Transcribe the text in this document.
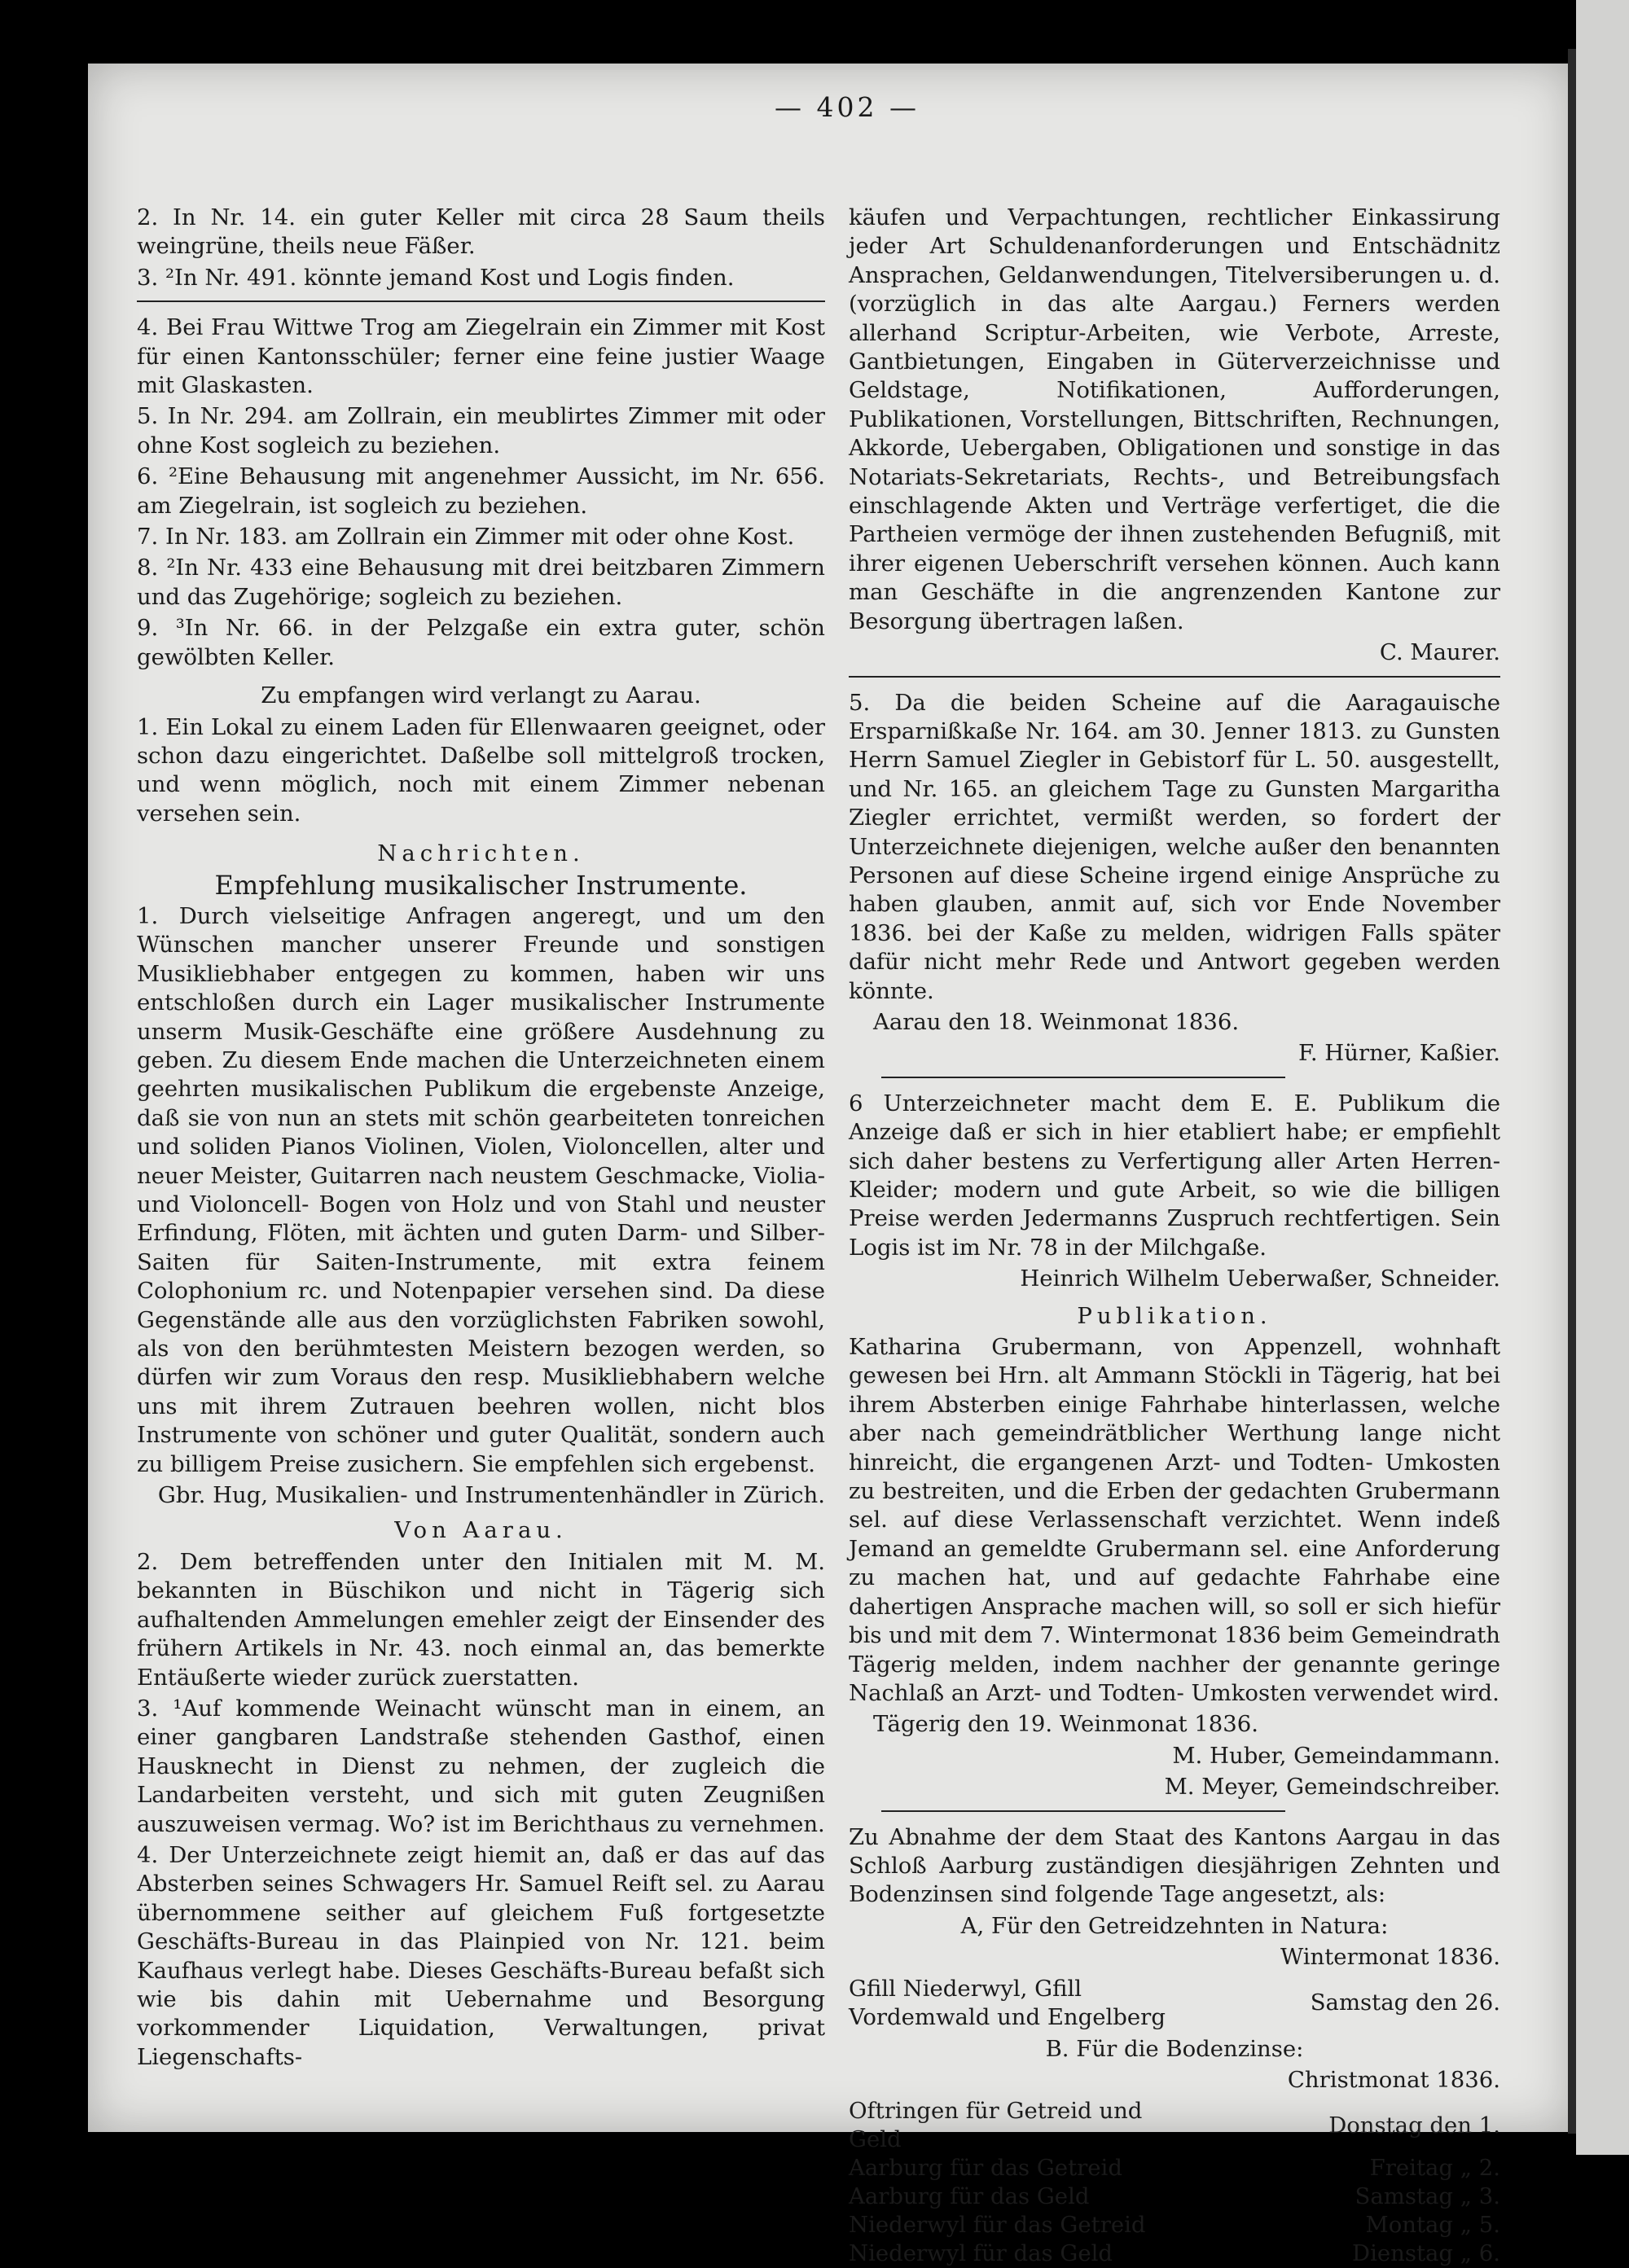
— 402 —

2. In Nr. 14. ein guter Keller mit circa 28 Saum theils weingrüne, theils neue Fäßer.

3. ²In Nr. 491. könnte jemand Kost und Logis finden.

4. Bei Frau Wittwe Trog am Ziegelrain ein Zimmer mit Kost für einen Kantonsschüler; ferner eine feine justier Waage mit Glaskasten.

5. In Nr. 294. am Zollrain, ein meublirtes Zimmer mit oder ohne Kost sogleich zu beziehen.

6. ²Eine Behausung mit angenehmer Aussicht, im Nr. 656. am Ziegelrain, ist sogleich zu beziehen.

7. In Nr. 183. am Zollrain ein Zimmer mit oder ohne Kost.

8. ²In Nr. 433 eine Behausung mit drei beitzbaren Zimmern und das Zugehörige; sogleich zu beziehen.

9. ³In Nr. 66. in der Pelzgaße ein extra guter, schön gewölbten Keller.

Zu empfangen wird verlangt zu Aarau.

1. Ein Lokal zu einem Laden für Ellenwaaren geeignet, oder schon dazu eingerichtet. Daßelbe soll mittelgroß trocken, und wenn möglich, noch mit einem Zimmer nebenan versehen sein.

Nachrichten.

Empfehlung musikalischer Instrumente.

1. Durch vielseitige Anfragen angeregt, und um den Wünschen mancher unserer Freunde und sonstigen Musikliebhaber entgegen zu kommen, haben wir uns entschloßen durch ein Lager musikalischer Instrumente unserm Musik-Geschäfte eine größere Ausdehnung zu geben. Zu diesem Ende machen die Unterzeichneten einem geehrten musikalischen Publikum die ergebenste Anzeige, daß sie von nun an stets mit schön gearbeiteten tonreichen und soliden Pianos Violinen, Violen, Violoncellen, alter und neuer Meister, Guitarren nach neustem Geschmacke, Violia- und Violoncell- Bogen von Holz und von Stahl und neuster Erfindung, Flöten, mit ächten und guten Darm- und Silber-Saiten für Saiten-Instrumente, mit extra feinem Colophonium rc. und Notenpapier versehen sind. Da diese Gegenstände alle aus den vorzüglichsten Fabriken sowohl, als von den berühmtesten Meistern bezogen werden, so dürfen wir zum Voraus den resp. Musikliebhabern welche uns mit ihrem Zutrauen beehren wollen, nicht blos Instrumente von schöner und guter Qualität, sondern auch zu billigem Preise zusichern. Sie empfehlen sich ergebenst.

Gbr. Hug, Musikalien- und Instrumentenhändler in Zürich.

Von Aarau.

2. Dem betreffenden unter den Initialen mit M. M. bekannten in Büschikon und nicht in Tägerig sich aufhaltenden Ammelungen emehler zeigt der Einsender des frühern Artikels in Nr. 43. noch einmal an, das bemerkte Entäußerte wieder zurück zuerstatten.

3. ¹Auf kommende Weinacht wünscht man in einem, an einer gangbaren Landstraße stehenden Gasthof, einen Hausknecht in Dienst zu nehmen, der zugleich die Landarbeiten versteht, und sich mit guten Zeugnißen auszuweisen vermag. Wo? ist im Berichthaus zu vernehmen.

4. Der Unterzeichnete zeigt hiemit an, daß er das auf das Absterben seines Schwagers Hr. Samuel Reift sel. zu Aarau übernommene seither auf gleichem Fuß fortgesetzte Geschäfts-Bureau in das Plainpied von Nr. 121. beim Kaufhaus verlegt habe. Dieses Geschäfts-Bureau befaßt sich wie bis dahin mit Uebernahme und Besorgung vorkommender Liquidation, Verwaltungen, privat Liegenschafts-

käufen und Verpachtungen, rechtlicher Einkassirung jeder Art Schuldenanforderungen und Entschädnitz Ansprachen, Geldanwendungen, Titelversiberungen u. d. (vorzüglich in das alte Aargau.) Ferners werden allerhand Scriptur-Arbeiten, wie Verbote, Arreste, Gantbietungen, Eingaben in Güterverzeichnisse und Geldstage, Notifikationen, Aufforderungen, Publikationen, Vorstellungen, Bittschriften, Rechnungen, Akkorde, Uebergaben, Obligationen und sonstige in das Notariats-Sekretariats, Rechts-, und Betreibungsfach einschlagende Akten und Verträge verfertiget, die die Partheien vermöge der ihnen zustehenden Befugniß, mit ihrer eigenen Ueberschrift versehen können. Auch kann man Geschäfte in die angrenzenden Kantone zur Besorgung übertragen laßen.

C. Maurer.

5. Da die beiden Scheine auf die Aaragauische Ersparnißkaße Nr. 164. am 30. Jenner 1813. zu Gunsten Herrn Samuel Ziegler in Gebistorf für L. 50. ausgestellt, und Nr. 165. an gleichem Tage zu Gunsten Margaritha Ziegler errichtet, vermißt werden, so fordert der Unterzeichnete diejenigen, welche außer den benannten Personen auf diese Scheine irgend einige Ansprüche zu haben glauben, anmit auf, sich vor Ende November 1836. bei der Kaße zu melden, widrigen Falls später dafür nicht mehr Rede und Antwort gegeben werden könnte.

Aarau den 18. Weinmonat 1836.

F. Hürner, Kaßier.

6 Unterzeichneter macht dem E. E. Publikum die Anzeige daß er sich in hier etabliert habe; er empfiehlt sich daher bestens zu Verfertigung aller Arten Herren-Kleider; modern und gute Arbeit, so wie die billigen Preise werden Jedermanns Zuspruch rechtfertigen. Sein Logis ist im Nr. 78 in der Milchgaße.

Heinrich Wilhelm Ueberwaßer, Schneider.

Publikation.

Katharina Grubermann, von Appenzell, wohnhaft gewesen bei Hrn. alt Ammann Stöckli in Tägerig, hat bei ihrem Absterben einige Fahrhabe hinterlassen, welche aber nach gemeindrätblicher Werthung lange nicht hinreicht, die ergangenen Arzt- und Todten- Umkosten zu bestreiten, und die Erben der gedachten Grubermann sel. auf diese Verlassenschaft verzichtet. Wenn indeß Jemand an gemeldte Grubermann sel. eine Anforderung zu machen hat, und auf gedachte Fahrhabe eine dahertigen Ansprache machen will, so soll er sich hiefür bis und mit dem 7. Wintermonat 1836 beim Gemeindrath Tägerig melden, indem nachher der genannte geringe Nachlaß an Arzt- und Todten- Umkosten verwendet wird.

Tägerig den 19. Weinmonat 1836.

M. Huber, Gemeindammann.

M. Meyer, Gemeindschreiber.

Zu Abnahme der dem Staat des Kantons Aargau in das Schloß Aarburg zuständigen diesjährigen Zehnten und Bodenzinsen sind folgende Tage angesetzt, als:

A, Für den Getreidzehnten in Natura:

Wintermonat 1836.

Gfill Niederwyl, Gfill Vordemwald und Engelberg	Samstag den 26.

B. Für die Bodenzinse:

Christmonat 1836.

Oftringen für Getreid und Geld	Donstag den 1.
Aarburg für das Getreid	Freitag „ 2.
Aarburg für das Geld	Samstag „ 3.
Niederwyl für das Getreid	Montag „ 5.
Niederwyl für das Geld	Dienstag „ 6.
